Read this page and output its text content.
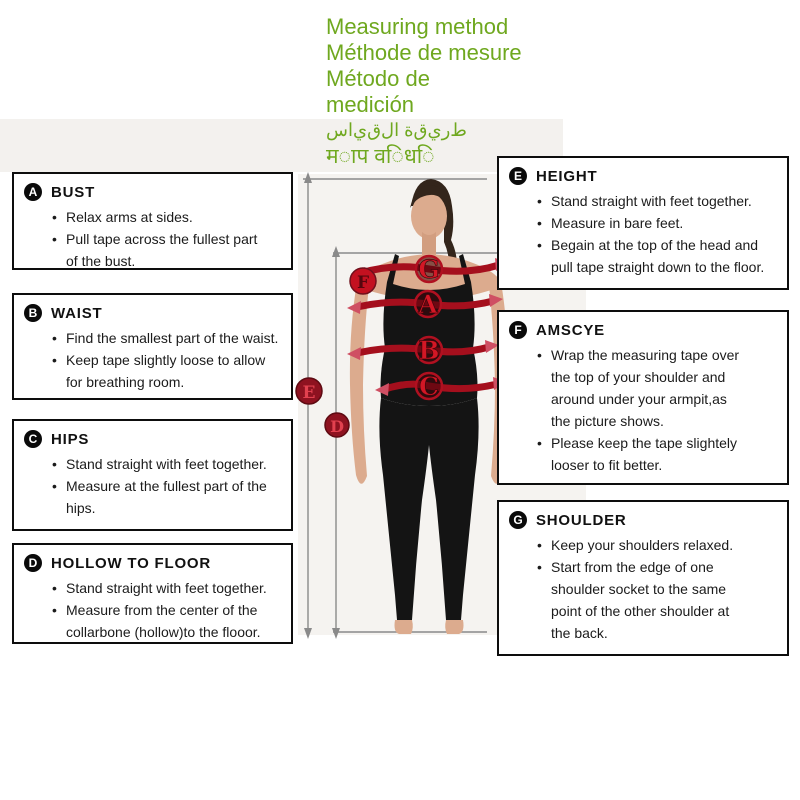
Measuring method
Méthode de mesure
Método de
medición
ط‌ر‌ي‌ق‌ة ا‌ل‌ق‌ي‌ا‌س
म◌ाप व◌िध◌ि
G
A
B
C
F
E
D
A BUST
• Relax arms at sides.
• Pull tape across the fullest part
of the bust.
B WAIST
• Find the smallest part of the waist.
• Keep tape slightly loose to allow
for breathing room.
C HIPS
• Stand straight with feet together.
• Measure at the fullest part of the
hips.
D HOLLOW TO FLOOR
• Stand straight with feet together.
• Measure from the center of the
collarbone (hollow)to the flooor.
E HEIGHT
• Stand straight with feet together.
• Measure in bare feet.
• Begain at the top of the head and
pull tape straight down to the floor.
F AMSCYE
• Wrap the measuring tape over
the top of your shoulder and
around under your armpit,as
the picture shows.
• Please keep the tape slightely
looser to fit better.
G SHOULDER
• Keep your shoulders relaxed.
• Start from the edge of one
shoulder socket to the same
point of the other shoulder at
the back.
